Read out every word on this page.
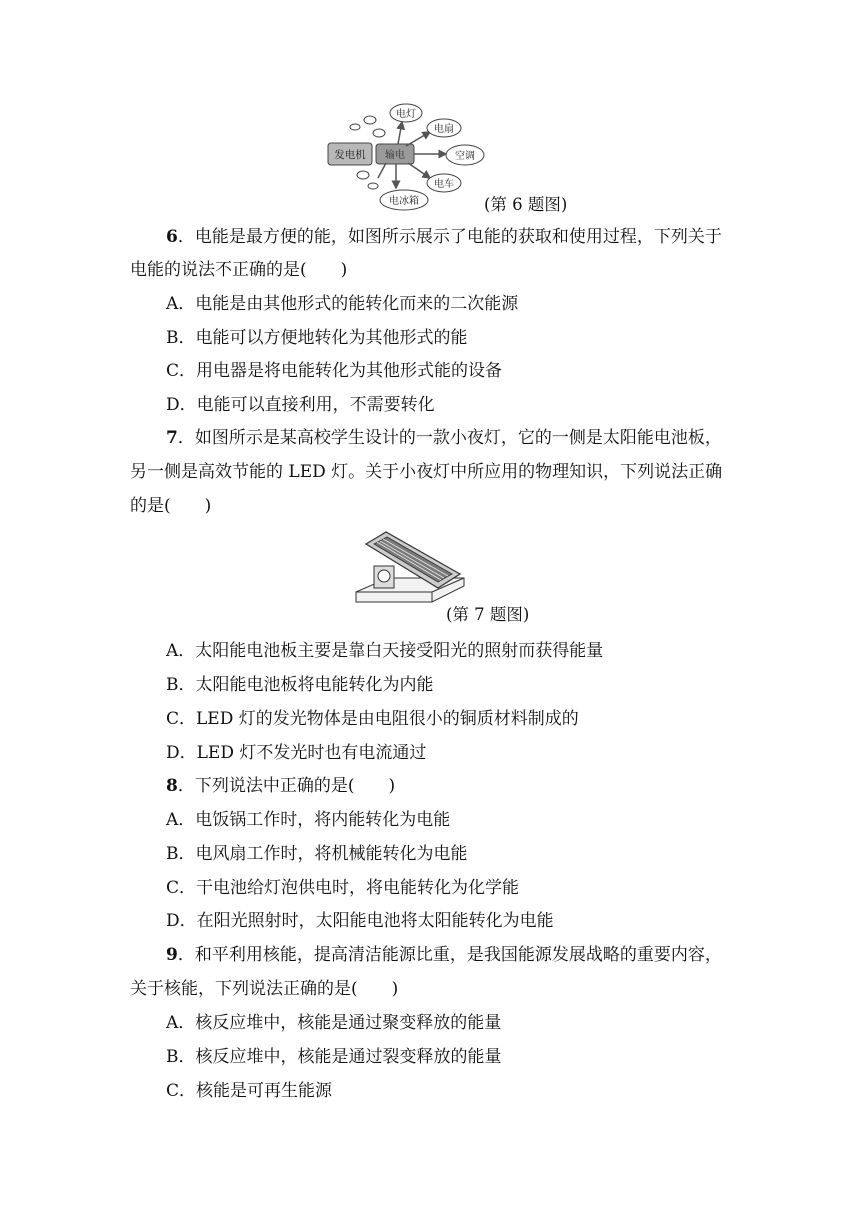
发电机 输电
电灯
电扇
空调
电车
电冰箱	(第 6 题图)
6．电能是最方便的能，如图所示展示了电能的获取和使用过程，下列关于
电能的说法不正确的是(　　)
A．电能是由其他形式的能转化而来的二次能源
B．电能可以方便地转化为其他形式的能
C．用电器是将电能转化为其他形式能的设备
D．电能可以直接利用，不需要转化
7．如图所示是某高校学生设计的一款小夜灯，它的一侧是太阳能电池板，
另一侧是高效节能的 LED 灯。关于小夜灯中所应用的物理知识，下列说法正确
的是(　　)
(第 7 题图)
A．太阳能电池板主要是靠白天接受阳光的照射而获得能量
B．太阳能电池板将电能转化为内能
C．LED 灯的发光物体是由电阻很小的铜质材料制成的
D．LED 灯不发光时也有电流通过
8．下列说法中正确的是(　　)
A．电饭锅工作时，将内能转化为电能
B．电风扇工作时，将机械能转化为电能
C．干电池给灯泡供电时，将电能转化为化学能
D．在阳光照射时，太阳能电池将太阳能转化为电能
9．和平利用核能，提高清洁能源比重，是我国能源发展战略的重要内容，
关于核能，下列说法正确的是(　　)
A．核反应堆中，核能是通过聚变释放的能量
B．核反应堆中，核能是通过裂变释放的能量
C．核能是可再生能源
